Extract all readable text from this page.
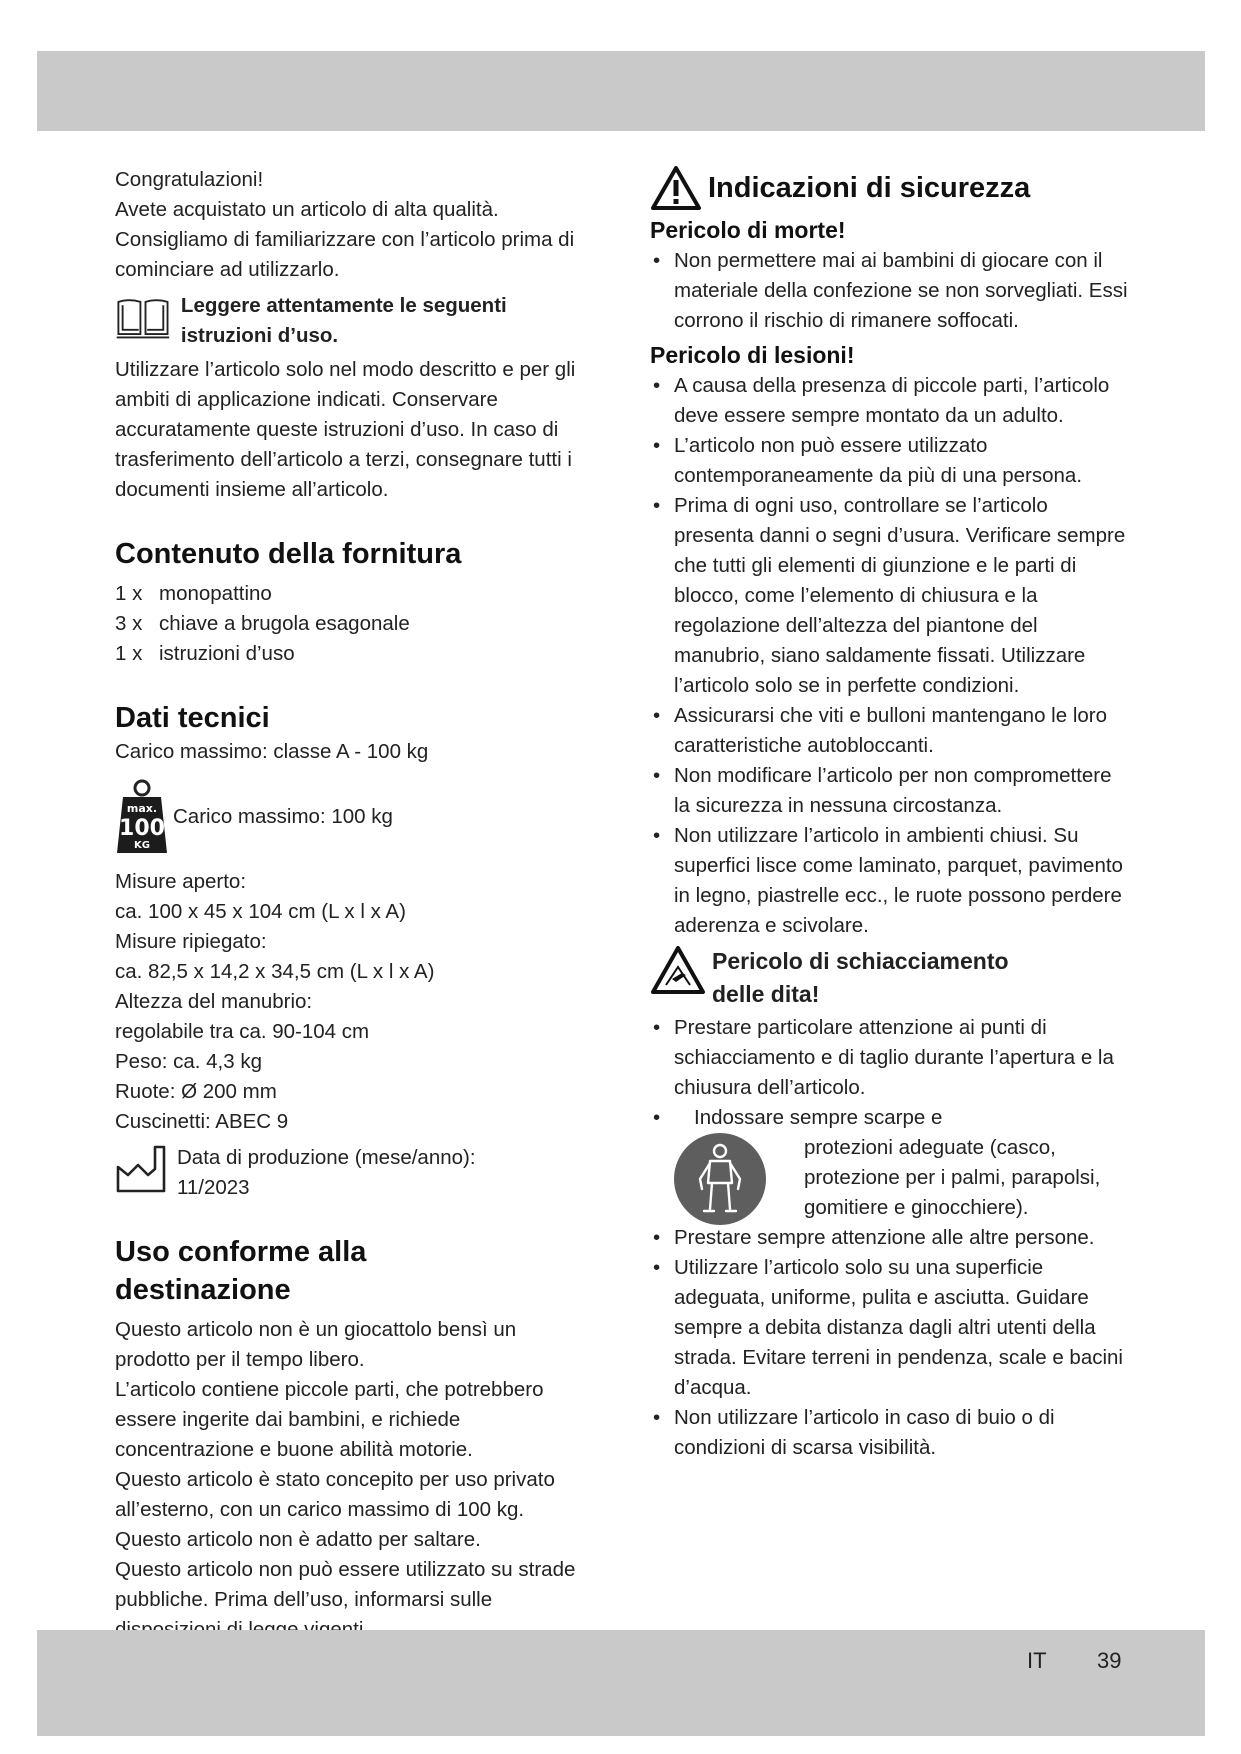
Congratulazioni!

Avete acquistato un articolo di alta qualità. Consigliamo di familiarizzare con l’articolo prima di cominciare ad utilizzarlo.

Leggere attentamente le seguenti istruzioni d’uso.

Utilizzare l’articolo solo nel modo descritto e per gli ambiti di applicazione indicati. Conservare accuratamente queste istruzioni d’uso. In caso di trasferimento dell’articolo a terzi, consegnare tutti i documenti insieme all’articolo.

Contenuto della fornitura
1 x monopattino
3 x chiave a brugola esagonale
1 x istruzioni d’uso
Dati tecnici

Carico massimo: classe A - 100 kg

max.
100
KG
Carico massimo: 100 kg

Misure aperto:

ca. 100 x 45 x 104 cm (L x l x A)

Misure ripiegato:

ca. 82,5 x 14,2 x 34,5 cm (L x l x A)

Altezza del manubrio:

regolabile tra ca. 90-104 cm

Peso: ca. 4,3 kg

Ruote: Ø 200 mm

Cuscinetti: ABEC 9

Data di produzione (mese/anno):
11/2023
Uso conforme alla
destinazione

Questo articolo non è un giocattolo bensì un prodotto per il tempo libero.

L’articolo contiene piccole parti, che potrebbero essere ingerite dai bambini, e richiede concentrazione e buone abilità motorie.

Questo articolo è stato concepito per uso privato all’esterno, con un carico massimo di 100 kg.

Questo articolo non è adatto per saltare.

Questo articolo non può essere utilizzato su strade pubbliche. Prima dell’uso, informarsi sulle

Indicazioni di sicurezza
Pericolo di morte!
• Non permettere mai ai bambini di giocare con il materiale della confezione se non sorvegliati. Essi corrono il rischio di rimanere soffocati.
Pericolo di lesioni!
• A causa della presenza di piccole parti, l’articolo deve essere sempre montato da un adulto.
• L’articolo non può essere utilizzato contemporaneamente da più di una persona.
• Prima di ogni uso, controllare se l’articolo presenta danni o segni d’usura. Verificare sempre che tutti gli elementi di giunzione e le parti di blocco, come l’elemento di chiusura e la regolazione dell’altezza del piantone del manubrio, siano saldamente fissati. Utilizzare l’articolo solo se in perfette condizioni.
• Assicurarsi che viti e bulloni mantengano le loro caratteristiche autobloccanti.
• Non modificare l’articolo per non compromettere la sicurezza in nessuna circostanza.
• Non utilizzare l’articolo in ambienti chiusi. Su superfici lisce come laminato, parquet, pavimento in legno, piastrelle ecc., le ruote possono perdere aderenza e scivolare.
Pericolo di schiacciamento
delle dita!
• Prestare particolare attenzione ai punti di schiacciamento e di taglio durante l’apertura e la chiusura dell’articolo.
• Indossare sempre scarpe e
protezioni adeguate (casco, protezione per i palmi, parapolsi, gomitiere e ginocchiere).
• Prestare sempre attenzione alle altre persone.
• Utilizzare l’articolo solo su una superficie adeguata, uniforme, pulita e asciutta. Guidare sempre a debita distanza dagli altri utenti della strada. Evitare terreni in pendenza, scale e bacini d’acqua.
• Non utilizzare l’articolo in caso di buio o di condizioni di scarsa visibilità.
IT 39
